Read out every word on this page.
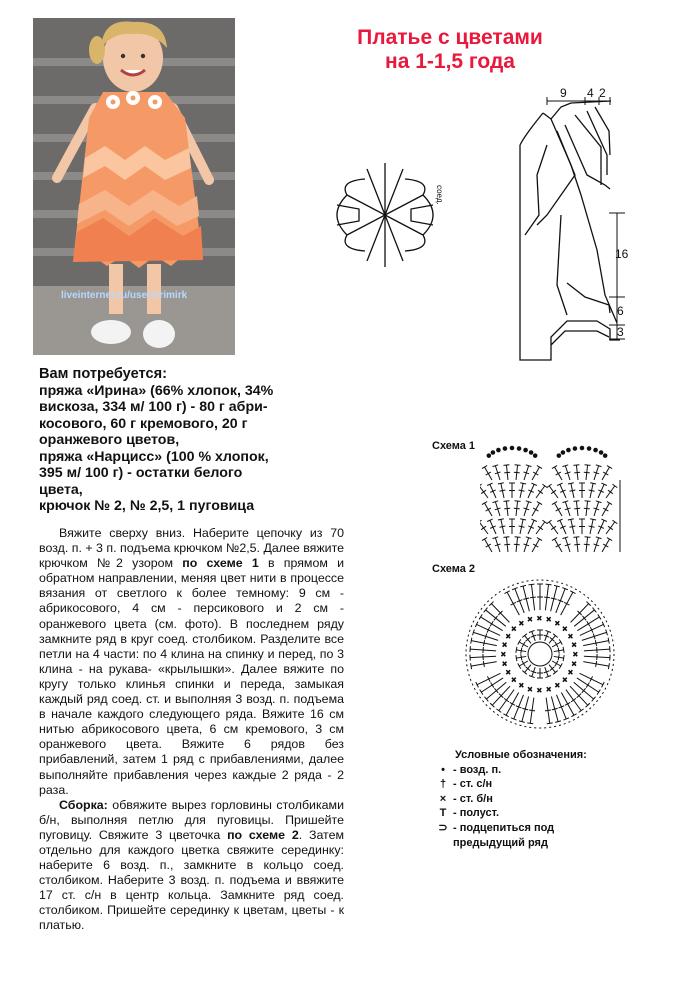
liveinternet.ru/users/rimirk
Платье с цветами
на 1-1,5 года
соед.
9 4 2
16
6
3
Вам потребуется:
пряжа «Ирина» (66% хлопок, 34%
вискоза, 334 м/ 100 г) - 80 г абри-
косового, 60 г кремового, 20 г
оранжевого цветов,
пряжа «Нарцисс» (100 % хлопок,
395 м/ 100 г) - остатки белого
цвета,
крючок № 2, № 2,5, 1 пуговица

Вяжите сверху вниз. Наберите цепочку из 70 возд. п. + 3 п. подъема крючком №2,5. Далее вяжите крючком №2 узором по схеме 1 в прямом и обратном направлении, меняя цвет нити в процессе вязания от светлого к более темному: 9 см - абрикосового, 4 см - персикового и 2 см - оранжевого цвета (см. фото). В последнем ряду замкните ряд в круг соед. столбиком. Разделите все петли на 4 части: по 4 клина на спинку и перед, по 3 клина - на рукава- «крылышки». Далее вяжите по кругу только клинья спинки и переда, замыкая каждый ряд соед. ст. и выполняя 3 возд. п. подъема в начале каждого следующего ряда. Вяжите 16 см нитью абрикосового цвета, 6 см кремового, 3 см оранжевого цвета. Вяжите 6 рядов без прибавлений, затем 1 ряд с прибавлениями, далее выполняйте прибавления через каждые 2 ряда - 2 раза.

Сборка: обвяжите вырез горловины столбиками б/н, выполняя петлю для пуговицы. Пришейте пуговицу. Свяжите 3 цветочка по схеме 2. Затем отдельно для каждого цветка свяжите серединку: наберите 6 возд. п., замкните в кольцо соед. столбиком. Наберите 3 возд. п. подъема и ввяжите 17 ст. с/н в центр кольца. Замкните ряд соед. столбиком. Пришейте серединку к цветам, цветы - к платью.

Схема 1
Схема 2
× × ×
×
×
×
×
×
×
×
×
×
×
×
×
×
×
×
×
×
×
×
× ×
Условные обозначения:
• - возд. п.
† - ст. с/н
× - ст. б/н
T - полуст.
⊃ - подцепиться под
предыдущий ряд
